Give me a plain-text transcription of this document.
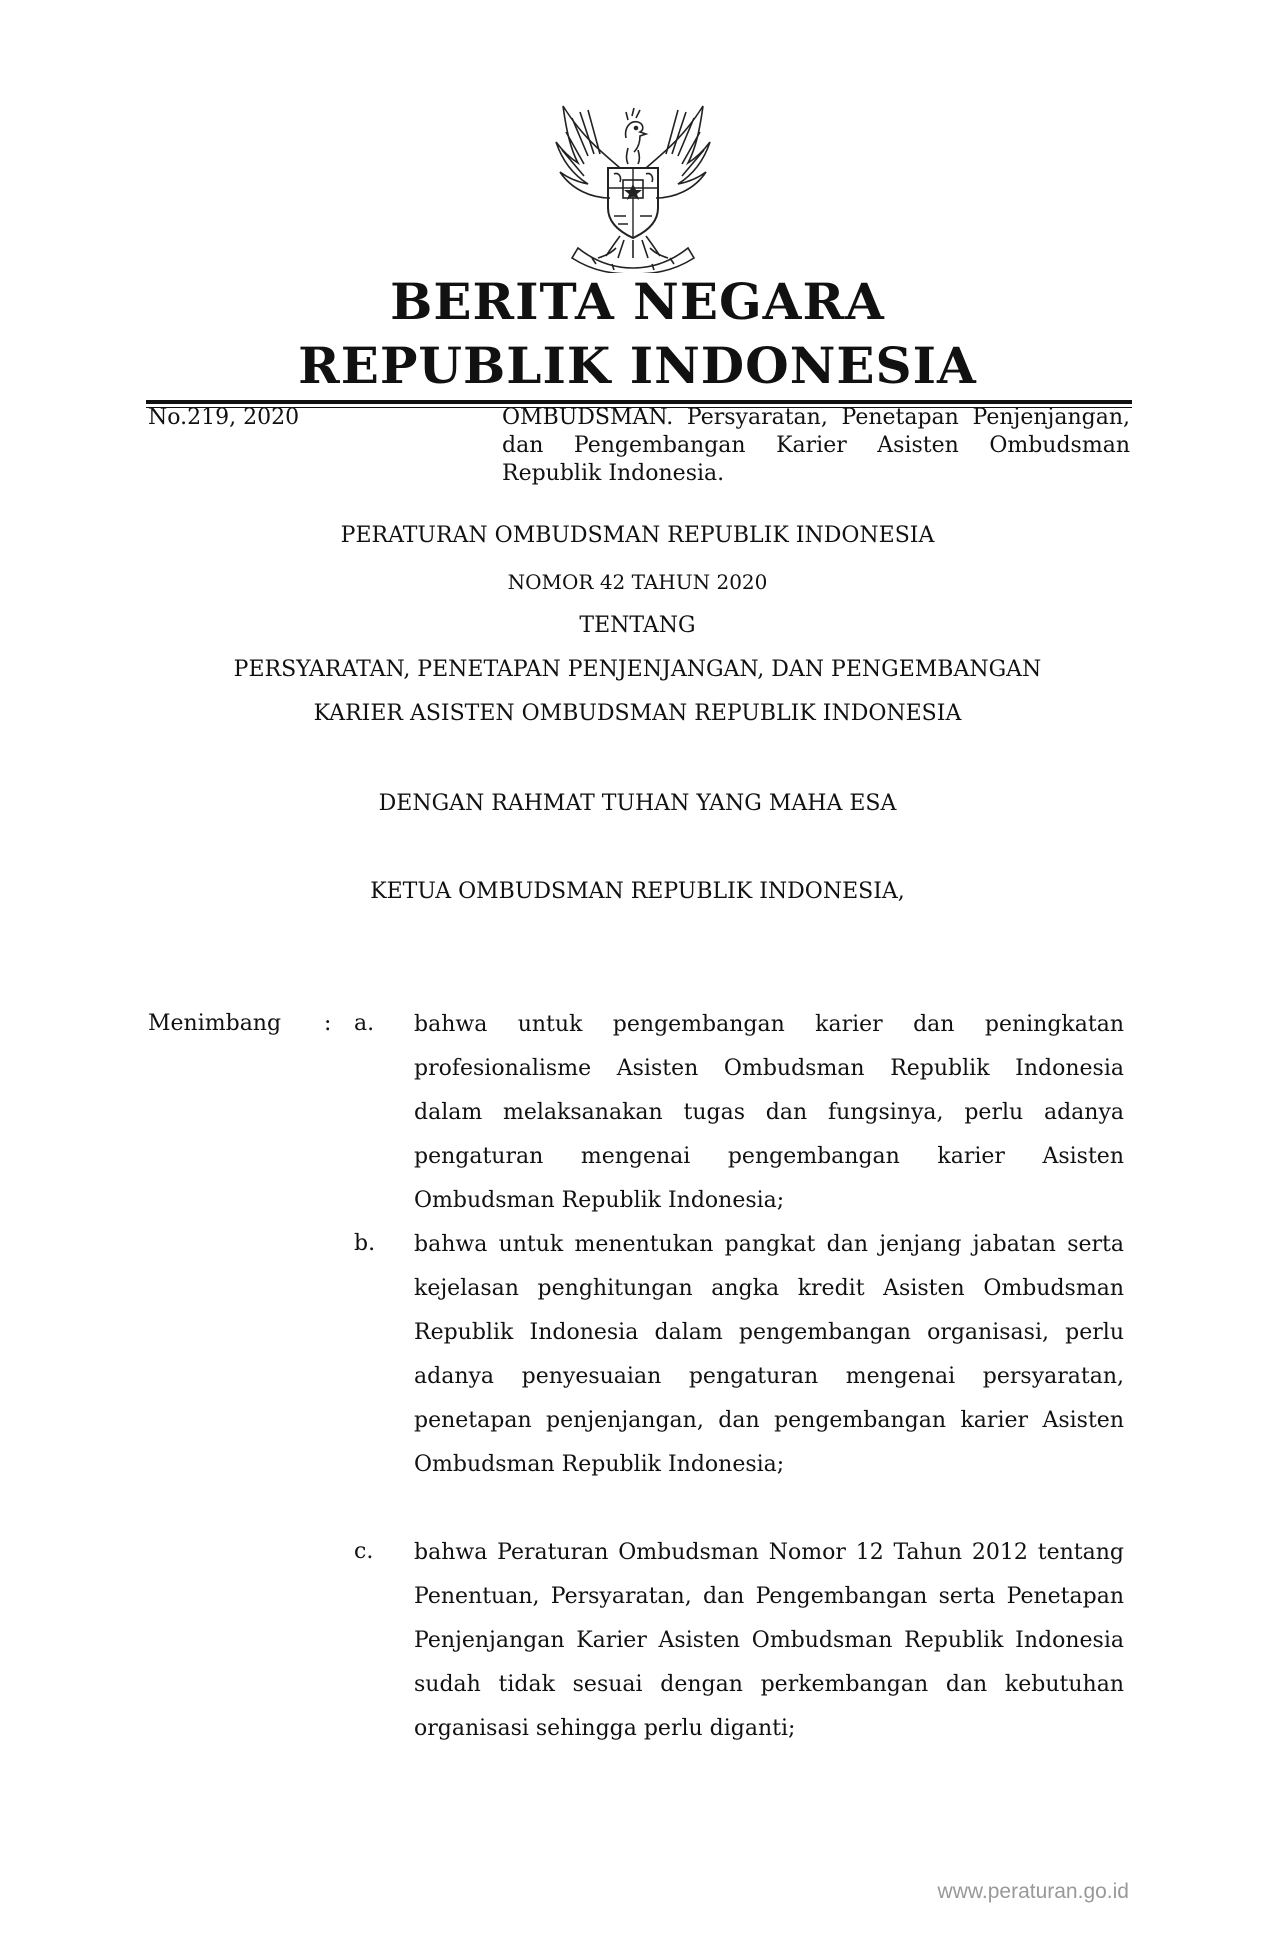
BERITA NEGARA
REPUBLIK INDONESIA
No.219, 2020	OMBUDSMAN. Persyaratan, Penetapan Penjenjangan, dan Pengembangan Karier Asisten Ombudsman Republik Indonesia.
PERATURAN OMBUDSMAN REPUBLIK INDONESIA
NOMOR 42 TAHUN 2020
TENTANG
PERSYARATAN, PENETAPAN PENJENJANGAN, DAN PENGEMBANGAN
KARIER ASISTEN OMBUDSMAN REPUBLIK INDONESIA
DENGAN RAHMAT TUHAN YANG MAHA ESA
KETUA OMBUDSMAN REPUBLIK INDONESIA,
Menimbang : a. bahwa untuk pengembangan karier dan peningkatan profesionalisme Asisten Ombudsman Republik Indonesia dalam melaksanakan tugas dan fungsinya, perlu adanya pengaturan mengenai pengembangan karier Asisten Ombudsman Republik Indonesia;
b. bahwa untuk menentukan pangkat dan jenjang jabatan serta kejelasan penghitungan angka kredit Asisten Ombudsman Republik Indonesia dalam pengembangan organisasi, perlu adanya penyesuaian pengaturan mengenai persyaratan, penetapan penjenjangan, dan pengembangan karier Asisten Ombudsman Republik Indonesia;
c. bahwa Peraturan Ombudsman Nomor 12 Tahun 2012 tentang Penentuan, Persyaratan, dan Pengembangan serta Penetapan Penjenjangan Karier Asisten Ombudsman Republik Indonesia sudah tidak sesuai dengan perkembangan dan kebutuhan organisasi sehingga perlu diganti;
www.peraturan.go.id
